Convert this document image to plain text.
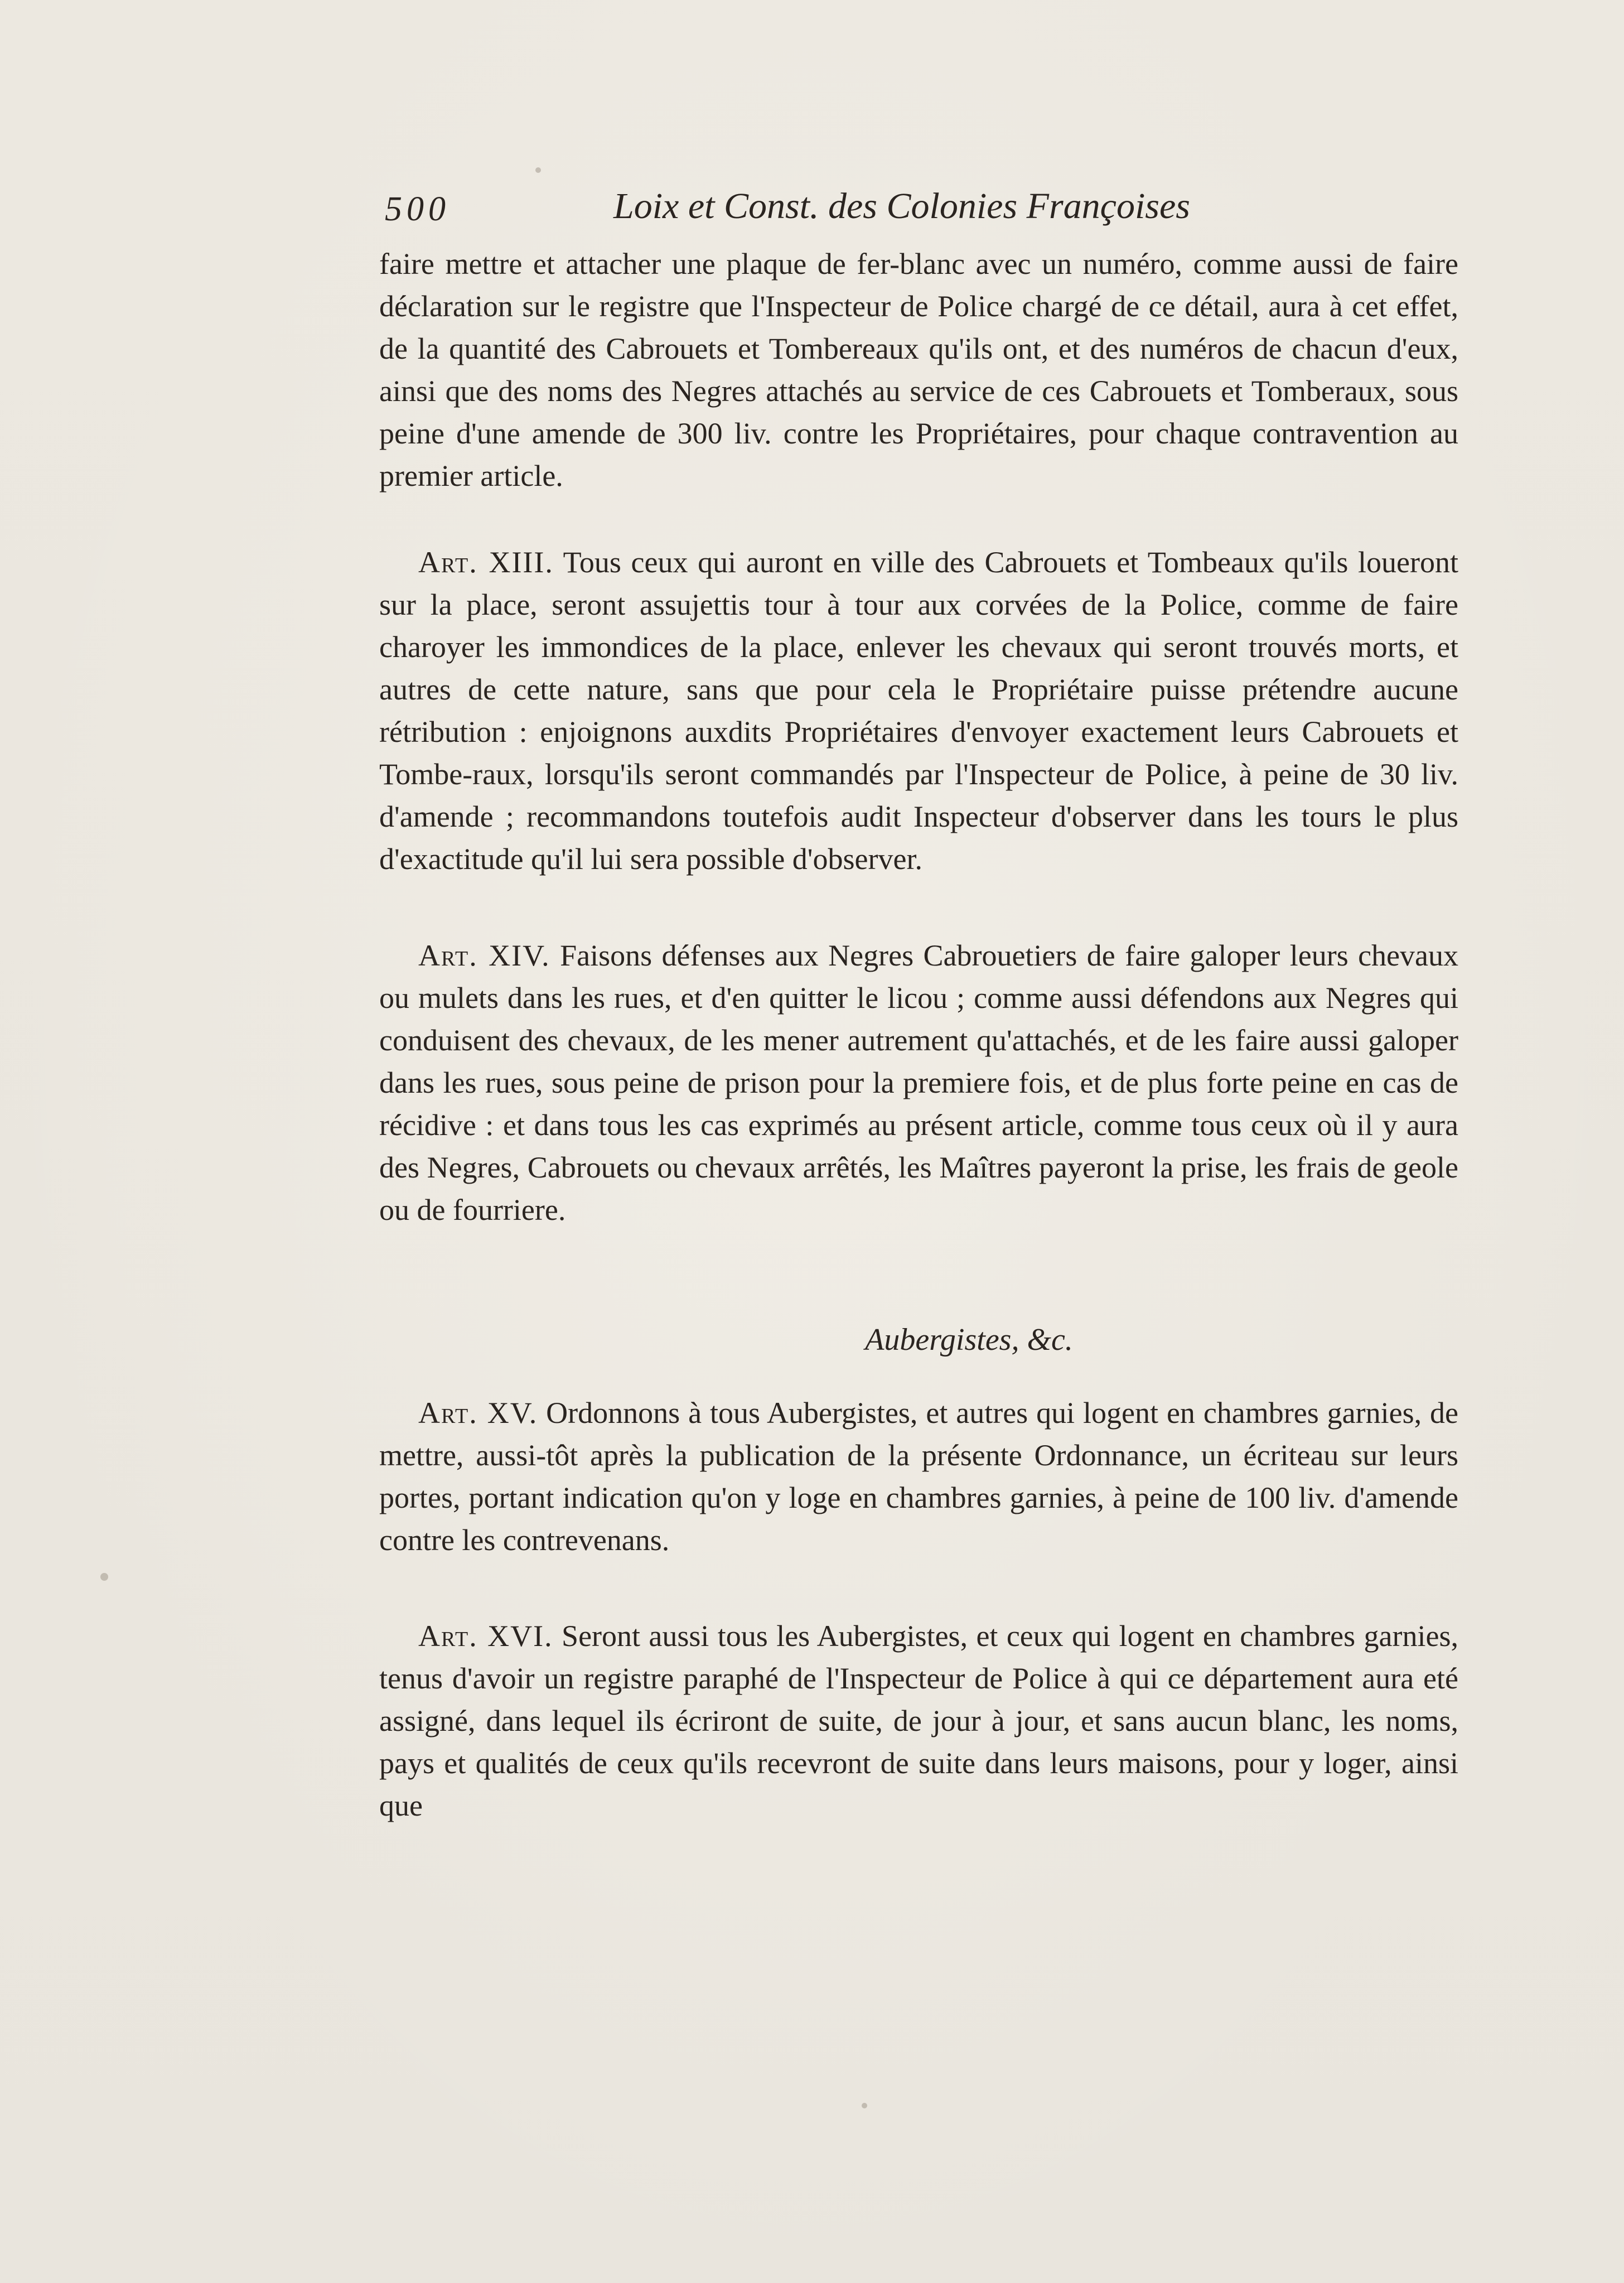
500	Loix et Const. des Colonies Françoises

faire mettre et attacher une plaque de fer-blanc avec un numéro, comme aussi de faire déclaration sur le registre que l'Inspecteur de Police chargé de ce détail, aura à cet effet, de la quantité des Cabrouets et Tombereaux qu'ils ont, et des numéros de chacun d'eux, ainsi que des noms des Negres attachés au service de ces Cabrouets et Tomberaux, sous peine d'une amende de 300 liv. contre les Propriétaires, pour chaque contravention au premier article.

Art. XIII. Tous ceux qui auront en ville des Cabrouets et Tombeaux qu'ils loueront sur la place, seront assujettis tour à tour aux corvées de la Police, comme de faire charoyer les immondices de la place, enlever les chevaux qui seront trouvés morts, et autres de cette nature, sans que pour cela le Propriétaire puisse prétendre aucune rétribution : enjoignons auxdits Propriétaires d'envoyer exactement leurs Cabrouets et Tombe-raux, lorsqu'ils seront commandés par l'Inspecteur de Police, à peine de 30 liv. d'amende ; recommandons toutefois audit Inspecteur d'observer dans les tours le plus d'exactitude qu'il lui sera possible d'observer.

Art. XIV. Faisons défenses aux Negres Cabrouetiers de faire galoper leurs chevaux ou mulets dans les rues, et d'en quitter le licou ; comme aussi défendons aux Negres qui conduisent des chevaux, de les mener autrement qu'attachés, et de les faire aussi galoper dans les rues, sous peine de prison pour la premiere fois, et de plus forte peine en cas de récidive : et dans tous les cas exprimés au présent article, comme tous ceux où il y aura des Negres, Cabrouets ou chevaux arrêtés, les Maîtres payeront la prise, les frais de geole ou de fourriere.

Aubergistes, &c.

Art. XV. Ordonnons à tous Aubergistes, et autres qui logent en chambres garnies, de mettre, aussi-tôt après la publication de la présente Ordonnance, un écriteau sur leurs portes, portant indication qu'on y loge en chambres garnies, à peine de 100 liv. d'amende contre les contrevenans.

Art. XVI. Seront aussi tous les Aubergistes, et ceux qui logent en chambres garnies, tenus d'avoir un registre paraphé de l'Inspecteur de Police à qui ce département aura eté assigné, dans lequel ils écriront de suite, de jour à jour, et sans aucun blanc, les noms, pays et qualités de ceux qu'ils recevront de suite dans leurs maisons, pour y loger, ainsi que
